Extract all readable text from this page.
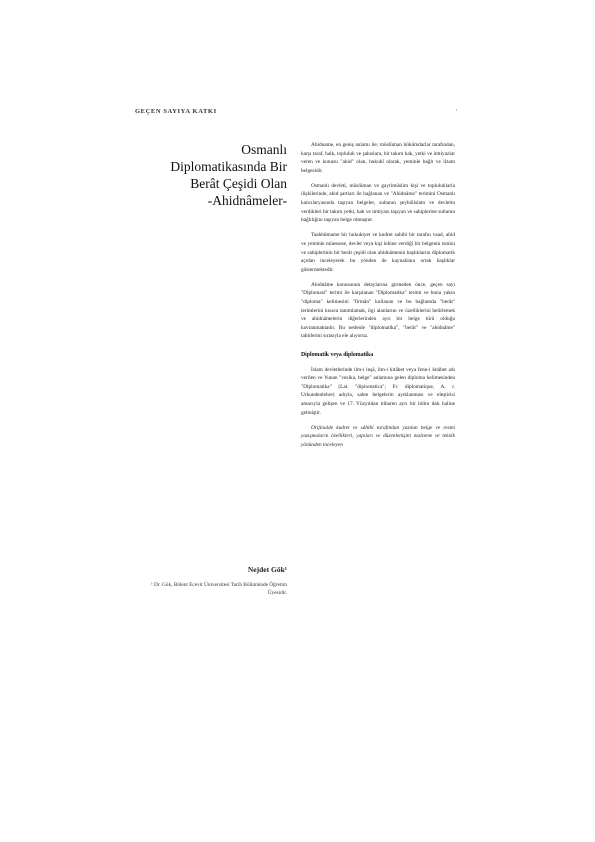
GEÇEN SAYIYA KATKI	·
Osmanlı
Diplomatikasında Bir
Berât Çeşidi Olan
-Ahidnâmeler-
Nejdet Gök¹
¹ Dr. Gök, Bülent Ecevit Üniversitesi Tarih Bölümünde Öğretim Üyesidir.

Ahidname, en geniş anlamı ile; müslüman hükümdarlar tarafından, karşı taraf, halk, topluluk ve şahıslara, bir takım hak, yetki ve imtiyazlar veren ve konusu "ahid" olan, hukukî olarak, yeminle bağlı ve ilzam belgesidir.

Osmanlı devleti, müslüman ve gayrimüslim kişi ve topluluklarla ilişkilerinde, ahid şartları ile bağlanan ve "Ahidnâme" terimini Osmanlı kancılaryasında taşıyan belgeler, sultanın şeyhülislam ve devletin verdikleri bir takım yetki, hak ve imtiyazı taşıyan ve sahiplerine sultanın bağlılığını taşıyan belge olmuştur.

Taahhütname bir hukukiyet ve kudret sahibi bir tarafın vaad, ahid ve yeminle müessese, devlet veya kişi lehine verdiği bir belgenin ismini ve sahiplerinin bir berât çeşidi olan ahidnâmenin başlıklarını diplomatik açıdan inceleyerek bu yönden de kaynaklara ortak başlıklar göstermektedir.

Ahidnâme konusunun detaylarına girmeden önce, geçen sayı "Diplomasi" terimi ile karşılanan "Diplomatika" terimi ve buna yakın "diploma" kelimesini "firmân" kullanan ve bu bağlamda "berât" terimlerini kısaca tanımlamak, ilgi alanlarını ve özelliklerini belirlemek ve ahidnâmelerin diğerlerinden ayrı bir belge türü olduğu kavranmaktadır. Bu nedenle "diplomatika", "berât" ve "ahidnâme" tabirlerini sırasıyla ele alıyoruz.

Diplomatik veya diplomatika

İslam devletlerinde ilm-i inşâ, ilm-i kitâbet veya fenn-i kitâbet adı verilen ve Yunan "vesika, belge" anlamına gelen diploma kelimesinden "Diplomatika" (Lat. "diplomatica"; Fr. diplomatique, A. r. Urkundenlehre) adıyla, sahte belgelerin ayıklanması ve eleştirisi amacıyla gelişen ve 17. Yüzyıldan itibaren ayrı bir bilim dalı haline gelmiştir.

Orijinalde kudret ve sâhibi tarafından yazılan belge ve resmi yazışmaların özellikleri, yapıları ve düzenlenişini malzeme ve teknik yönünden inceleyen
